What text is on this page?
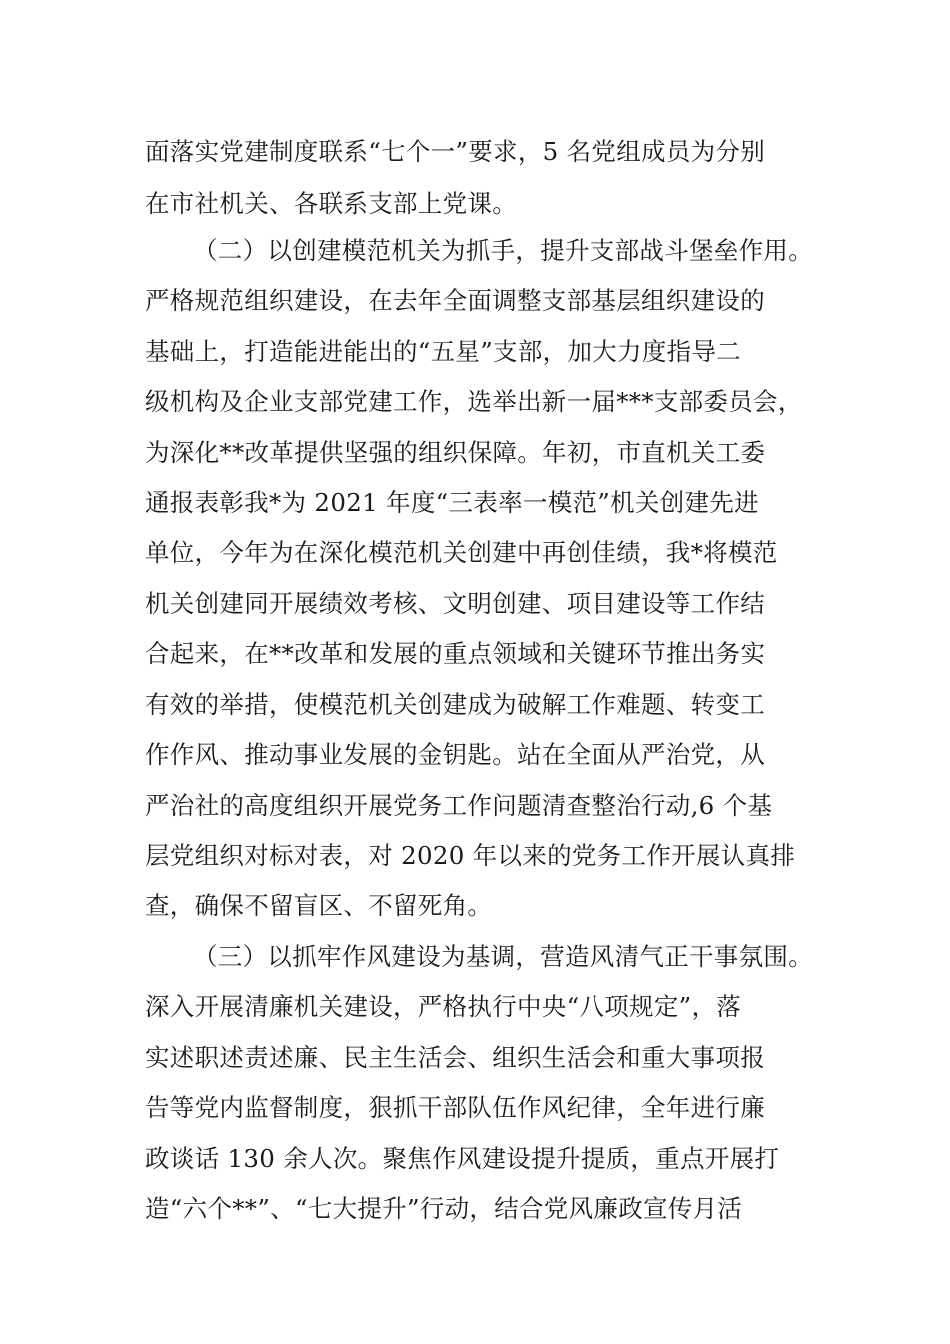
面落实党建制度联系“七个一”要求，5 名党组成员为分别
在市社机关、各联系支部上党课。
（二）以创建模范机关为抓手，提升支部战斗堡垒作用。
严格规范组织建设，在去年全面调整支部基层组织建设的
基础上，打造能进能出的“五星”支部，加大力度指导二
级机构及企业支部党建工作，选举出新一届***支部委员会，
为深化**改革提供坚强的组织保障。年初，市直机关工委
通报表彰我*为 2021 年度“三表率一模范”机关创建先进
单位，今年为在深化模范机关创建中再创佳绩，我*将模范
机关创建同开展绩效考核、文明创建、项目建设等工作结
合起来，在**改革和发展的重点领域和关键环节推出务实
有效的举措，使模范机关创建成为破解工作难题、转变工
作作风、推动事业发展的金钥匙。站在全面从严治党，从
严治社的高度组织开展党务工作问题清查整治行动,6 个基
层党组织对标对表，对 2020 年以来的党务工作开展认真排
查，确保不留盲区、不留死角。
（三）以抓牢作风建设为基调，营造风清气正干事氛围。
深入开展清廉机关建设，严格执行中央“八项规定”，落
实述职述责述廉、民主生活会、组织生活会和重大事项报
告等党内监督制度，狠抓干部队伍作风纪律，全年进行廉
政谈话 130 余人次。聚焦作风建设提升提质，重点开展打
造“六个**”、“七大提升”行动，结合党风廉政宣传月活
